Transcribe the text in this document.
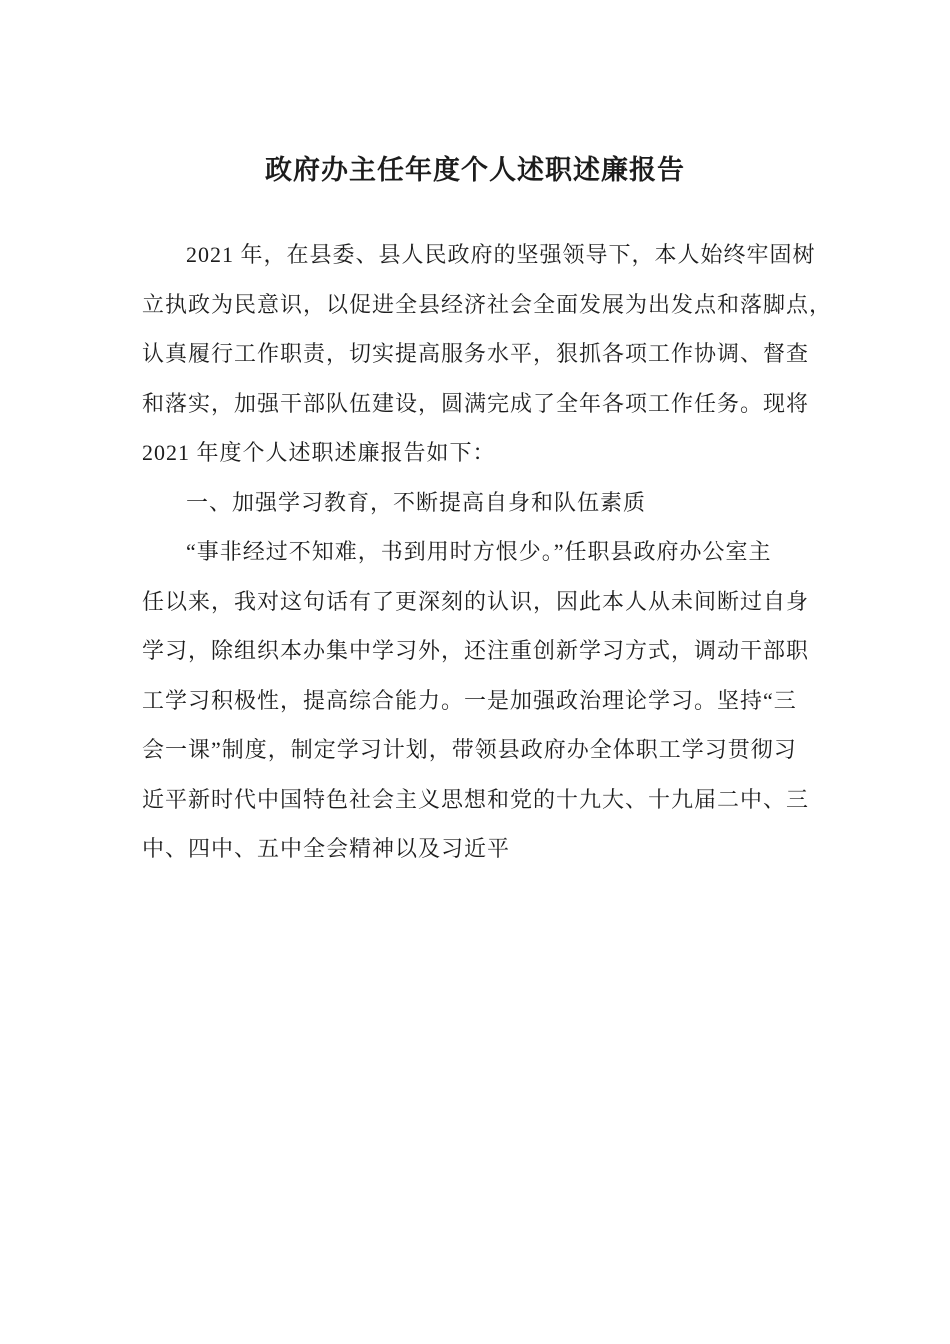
政府办主任年度个人述职述廉报告
2021 年，在县委、县人民政府的坚强领导下，本人始终牢固树
立执政为民意识，以促进全县经济社会全面发展为出发点和落脚点，
认真履行工作职责，切实提高服务水平，狠抓各项工作协调、督查
和落实，加强干部队伍建设，圆满完成了全年各项工作任务。现将
2021 年度个人述职述廉报告如下：
一、加强学习教育，不断提高自身和队伍素质
“事非经过不知难，书到用时方恨少。”任职县政府办公室主
任以来，我对这句话有了更深刻的认识，因此本人从未间断过自身
学习，除组织本办集中学习外，还注重创新学习方式，调动干部职
工学习积极性，提高综合能力。一是加强政治理论学习。坚持“三
会一课”制度，制定学习计划，带领县政府办全体职工学习贯彻习
近平新时代中国特色社会主义思想和党的十九大、十九届二中、三
中、四中、五中全会精神以及习近平
